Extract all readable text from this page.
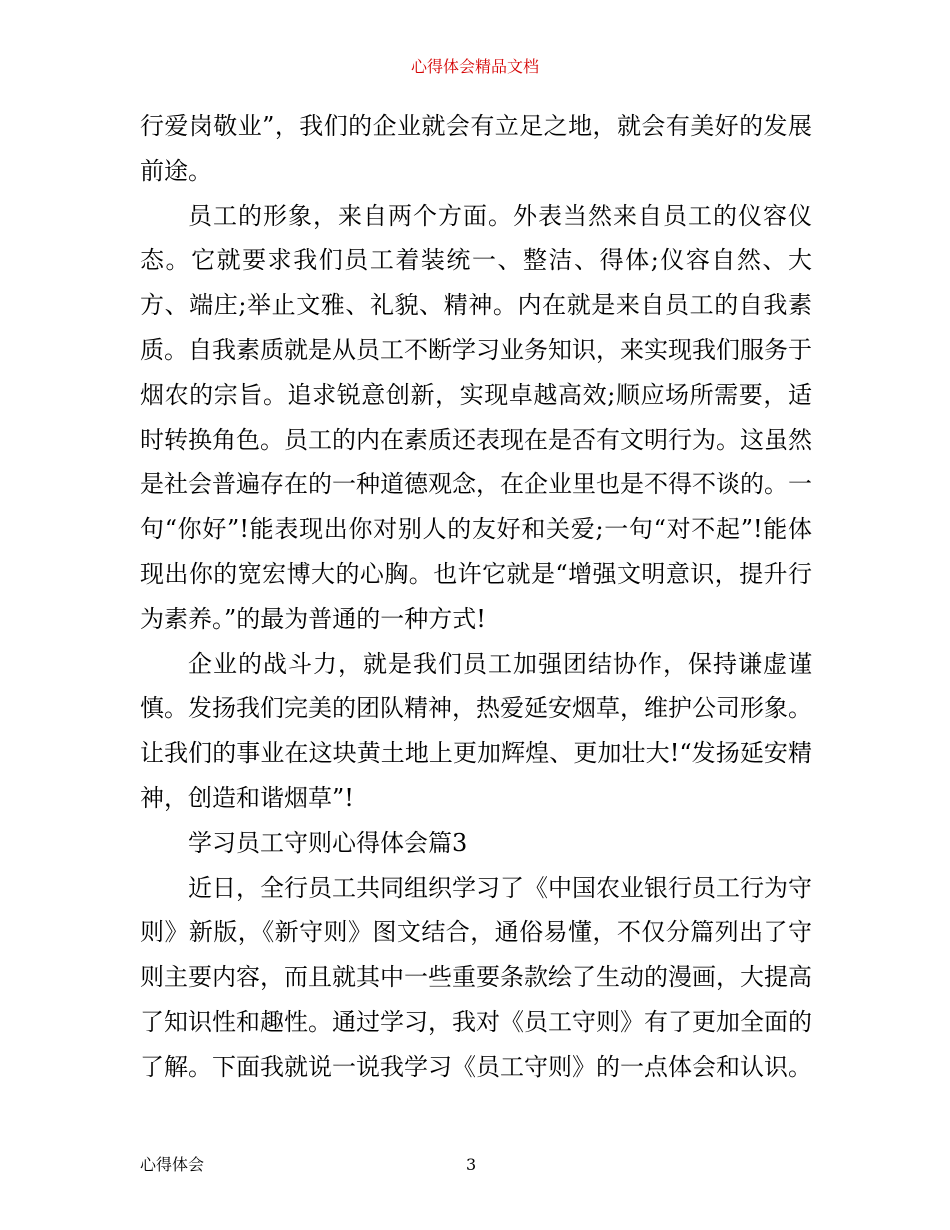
心得体会精品文档

行爱岗敬业”，我们的企业就会有立足之地，就会有美好的发展前途。

员工的形象，来自两个方面。外表当然来自员工的仪容仪态。它就要求我们员工着装统一、整洁、得体;仪容自然、大方、端庄;举止文雅、礼貌、精神。内在就是来自员工的自我素质。自我素质就是从员工不断学习业务知识，来实现我们服务于烟农的宗旨。追求锐意创新，实现卓越高效;顺应场所需要，适时转换角色。员工的内在素质还表现在是否有文明行为。这虽然是社会普遍存在的一种道德观念，在企业里也是不得不谈的。一句“你好”!能表现出你对别人的友好和关爱;一句“对不起”!能体现出你的宽宏博大的心胸。也许它就是“增强文明意识，提升行为素养。”的最为普通的一种方式!

企业的战斗力，就是我们员工加强团结协作，保持谦虚谨慎。发扬我们完美的团队精神，热爱延安烟草，维护公司形象。让我们的事业在这块黄土地上更加辉煌、更加壮大!“发扬延安精神，创造和谐烟草”!

学习员工守则心得体会篇3

近日，全行员工共同组织学习了《中国农业银行员工行为守则》新版，《新守则》图文结合，通俗易懂，不仅分篇列出了守则主要内容，而且就其中一些重要条款绘了生动的漫画，大提高了知识性和趣性。通过学习，我对《员工守则》有了更加全面的了解。下面我就说一说我学习《员工守则》的一点体会和认识。

心得体会	3
